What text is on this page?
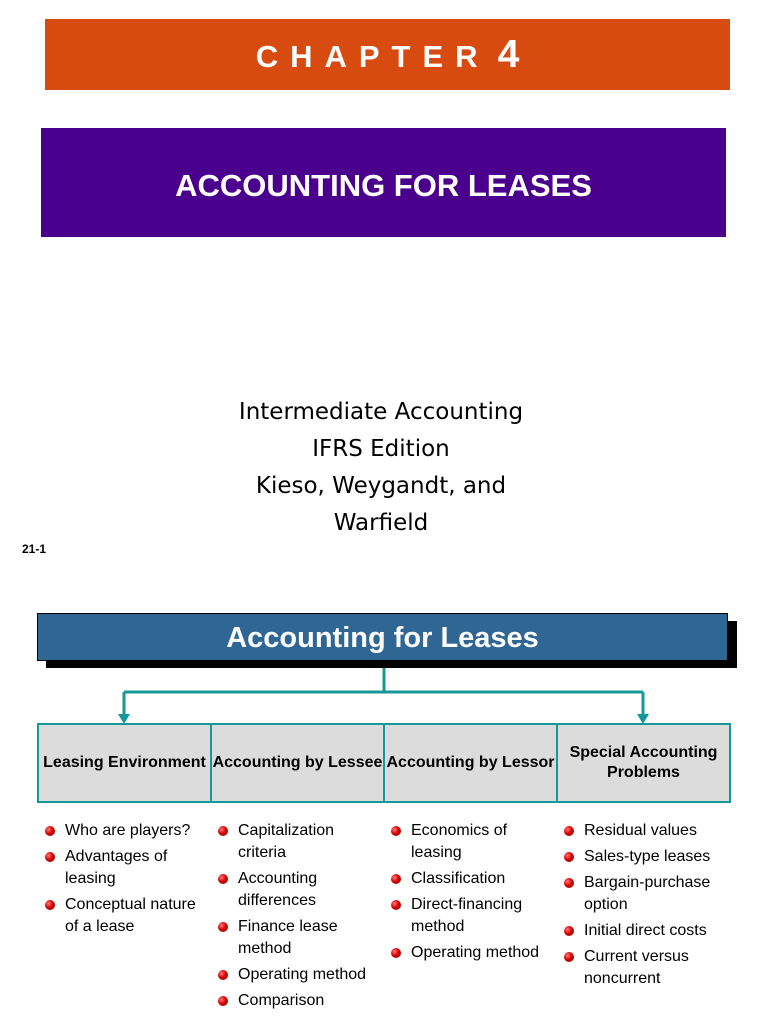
CHAPTER 4
ACCOUNTING FOR LEASES
Intermediate Accounting
IFRS Edition
Kieso, Weygandt, and
Warfield
21-1
Accounting for Leases
Leasing Environment Accounting by Lessee Accounting by Lessor
Special Accounting Problems
Who are players?
Advantages of leasing
Conceptual nature of a lease
Capitalization criteria
Accounting differences
Finance lease method
Operating method
Comparison
Economics of leasing
Classification
Direct-financing method
Operating method
Residual values
Sales-type leases
Bargain-purchase option
Initial direct costs
Current versus noncurrent
